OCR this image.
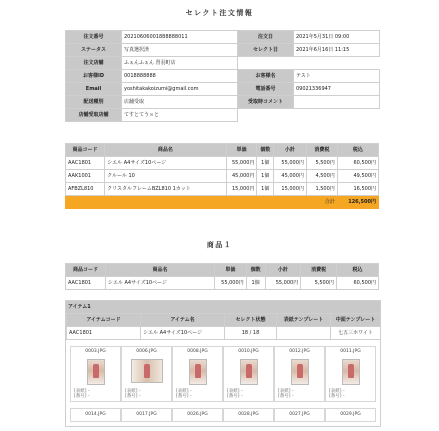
セレクト注文情報
注文番号	20210606001888888011	注文日	2021年5月31日 09:00
ステータス	写真選択済	セレクト日	2021年6月16日 11:15
注文店舗	ふぁんふぁん 習羽町店		
お客様ID	0018888888	お客様名	テスト
Email	yoshitakakoizumi@gmail.com	電話番号	09021336947
配送種別	店舗受取	受取時コメント	
店舗受取店舗	てすとてうｓと		
商品コード	商品名	単価	個数	小計	消費税	税込
AAC1801	シエル A4サイズ10ページ	55,000円	1個	55,000円	5,500円	60,500円
AAK1001	クルール 10	45,000円	1個	45,000円	4,500円	49,500円
AFBZL810	クリスタルフレームBZL810 1カット	15,000円	1個	15,000円	1,500円	16,500円
					合計	126,500円
商品１
商品コード	商品名	単価	個数	小計	消費税	税込
AAC1801	シエル A4サイズ10ページ	55,000円	1個	55,000円	5,500円	60,500円
アイテム1
アイテムコード	アイテム名	セレクト状態	表紙テンプレート	中面テンプレート
AAC1801	シエル A4サイズ10ページ	18 / 18		七五三ホワイト
0003.JPG
[表紙] -
[番号] -
0006.JPG
[表紙] -
[番号] -
0008.JPG
[表紙] -
[番号] -
0010.JPG
[表紙] -
[番号] -
0012.JPG
[表紙] -
[番号] -
0011.JPG
[表紙] -
[番号] -
0014.JPG	0017.JPG	0026.JPG	0028.JPG	0027.JPG	0029.JPG
